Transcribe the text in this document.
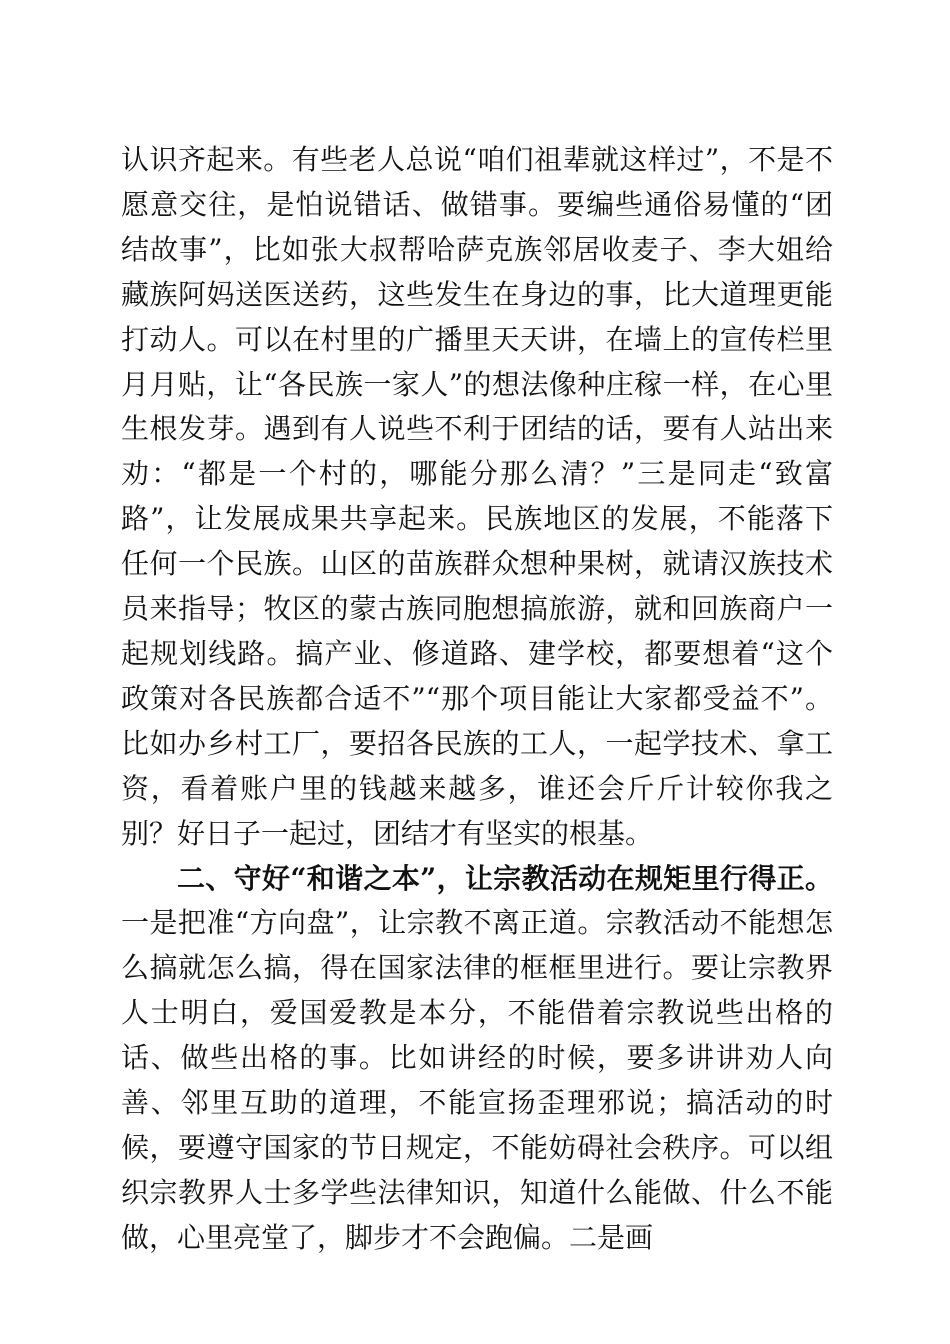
认识齐起来。有些老人总说“咱们祖辈就这样过”，不是不愿意交往，是怕说错话、做错事。要编些通俗易懂的“团结故事”，比如张大叔帮哈萨克族邻居收麦子、李大姐给藏族阿妈送医送药，这些发生在身边的事，比大道理更能打动人。可以在村里的广播里天天讲，在墙上的宣传栏里月月贴，让“各民族一家人”的想法像种庄稼一样，在心里生根发芽。遇到有人说些不利于团结的话，要有人站出来劝：“都是一个村的，哪能分那么清？”三是同走“致富路”，让发展成果共享起来。民族地区的发展，不能落下任何一个民族。山区的苗族群众想种果树，就请汉族技术员来指导；牧区的蒙古族同胞想搞旅游，就和回族商户一起规划线路。搞产业、修道路、建学校，都要想着“这个政策对各民族都合适不”“那个项目能让大家都受益不”。比如办乡村工厂，要招各民族的工人，一起学技术、拿工资，看着账户里的钱越来越多，谁还会斤斤计较你我之别？好日子一起过，团结才有坚实的根基。

二、守好“和谐之本”，让宗教活动在规矩里行得正。一是把准“方向盘”，让宗教不离正道。宗教活动不能想怎么搞就怎么搞，得在国家法律的框框里进行。要让宗教界人士明白，爱国爱教是本分，不能借着宗教说些出格的话、做些出格的事。比如讲经的时候，要多讲讲劝人向善、邻里互助的道理，不能宣扬歪理邪说；搞活动的时候，要遵守国家的节日规定，不能妨碍社会秩序。可以组织宗教界人士多学些法律知识，知道什么能做、什么不能做，心里亮堂了，脚步才不会跑偏。二是画
